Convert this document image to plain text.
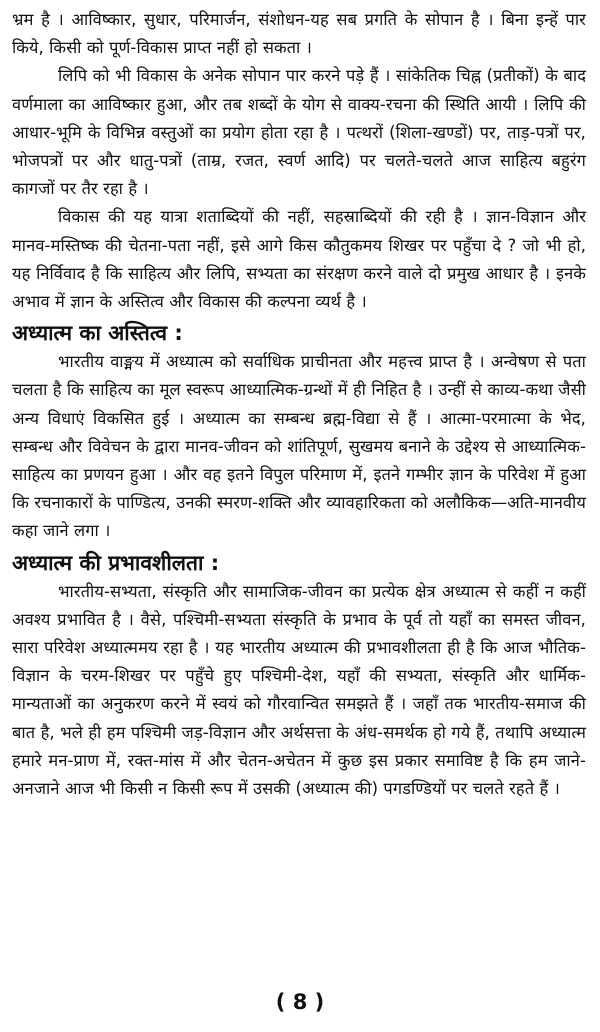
भ्रम है । आविष्कार, सुधार, परिमार्जन, संशोधन-यह सब प्रगति के सोपान है । बिना इन्हें पार किये, किसी को पूर्ण-विकास प्राप्त नहीं हो सकता ।

लिपि को भी विकास के अनेक सोपान पार करने पड़े हैं । सांकेतिक चिह्न (प्रतीकों) के बाद वर्णमाला का आविष्कार हुआ, और तब शब्दों के योग से वाक्य-रचना की स्थिति आयी । लिपि की आधार-भूमि के विभिन्न वस्तुओं का प्रयोग होता रहा है । पत्थरों (शिला-खण्डों) पर, ताड़-पत्रों पर, भोजपत्रों पर और धातु-पत्रों (ताम्र, रजत, स्वर्ण आदि) पर चलते-चलते आज साहित्य बहुरंग कागजों पर तैर रहा है ।

विकास की यह यात्रा शताब्दियों की नहीं, सहस्राब्दियों की रही है । ज्ञान-विज्ञान और मानव-मस्तिष्क की चेतना-पता नहीं, इसे आगे किस कौतुकमय शिखर पर पहुँचा दे ? जो भी हो, यह निर्विवाद है कि साहित्य और लिपि, सभ्यता का संरक्षण करने वाले दो प्रमुख आधार है । इनके अभाव में ज्ञान के अस्तित्व और विकास की कल्पना व्यर्थ है ।

अध्यात्म का अस्तित्व :

भारतीय वाङ्मय में अध्यात्म को सर्वाधिक प्राचीनता और महत्त्व प्राप्त है । अन्वेषण से पता चलता है कि साहित्य का मूल स्वरूप आध्यात्मिक-ग्रन्थों में ही निहित है । उन्हीं से काव्य-कथा जैसी अन्य विधाएं विकसित हुई । अध्यात्म का सम्बन्ध ब्रह्म-विद्या से हैं । आत्मा-परमात्मा के भेद, सम्बन्ध और विवेचन के द्वारा मानव-जीवन को शांतिपूर्ण, सुखमय बनाने के उद्देश्य से आध्यात्मिक-साहित्य का प्रणयन हुआ । और वह इतने विपुल परिमाण में, इतने गम्भीर ज्ञान के परिवेश में हुआ कि रचनाकारों के पाण्डित्य, उनकी स्मरण-शक्ति और व्यावहारिकता को अलौकिक—अति-मानवीय कहा जाने लगा ।

अध्यात्म की प्रभावशीलता :

भारतीय-सभ्यता, संस्कृति और सामाजिक-जीवन का प्रत्येक क्षेत्र अध्यात्म से कहीं न कहीं अवश्य प्रभावित है । वैसे, पश्चिमी-सभ्यता संस्कृति के प्रभाव के पूर्व तो यहाँ का समस्त जीवन, सारा परिवेश अध्यात्ममय रहा है । यह भारतीय अध्यात्म की प्रभावशीलता ही है कि आज भौतिक-विज्ञान के चरम-शिखर पर पहुँचे हुए पश्चिमी-देश, यहाँ की सभ्यता, संस्कृति और धार्मिक-मान्यताओं का अनुकरण करने में स्वयं को गौरवान्वित समझते हैं । जहाँ तक भारतीय-समाज की बात है, भले ही हम पश्चिमी जड़-विज्ञान और अर्थसत्ता के अंध-समर्थक हो गये हैं, तथापि अध्यात्म हमारे मन-प्राण में, रक्त-मांस में और चेतन-अचेतन में कुछ इस प्रकार समाविष्ट है कि हम जाने-अनजाने आज भी किसी न किसी रूप में उसकी (अध्यात्म की) पगडण्डियों पर चलते रहते हैं ।

( 8 )
